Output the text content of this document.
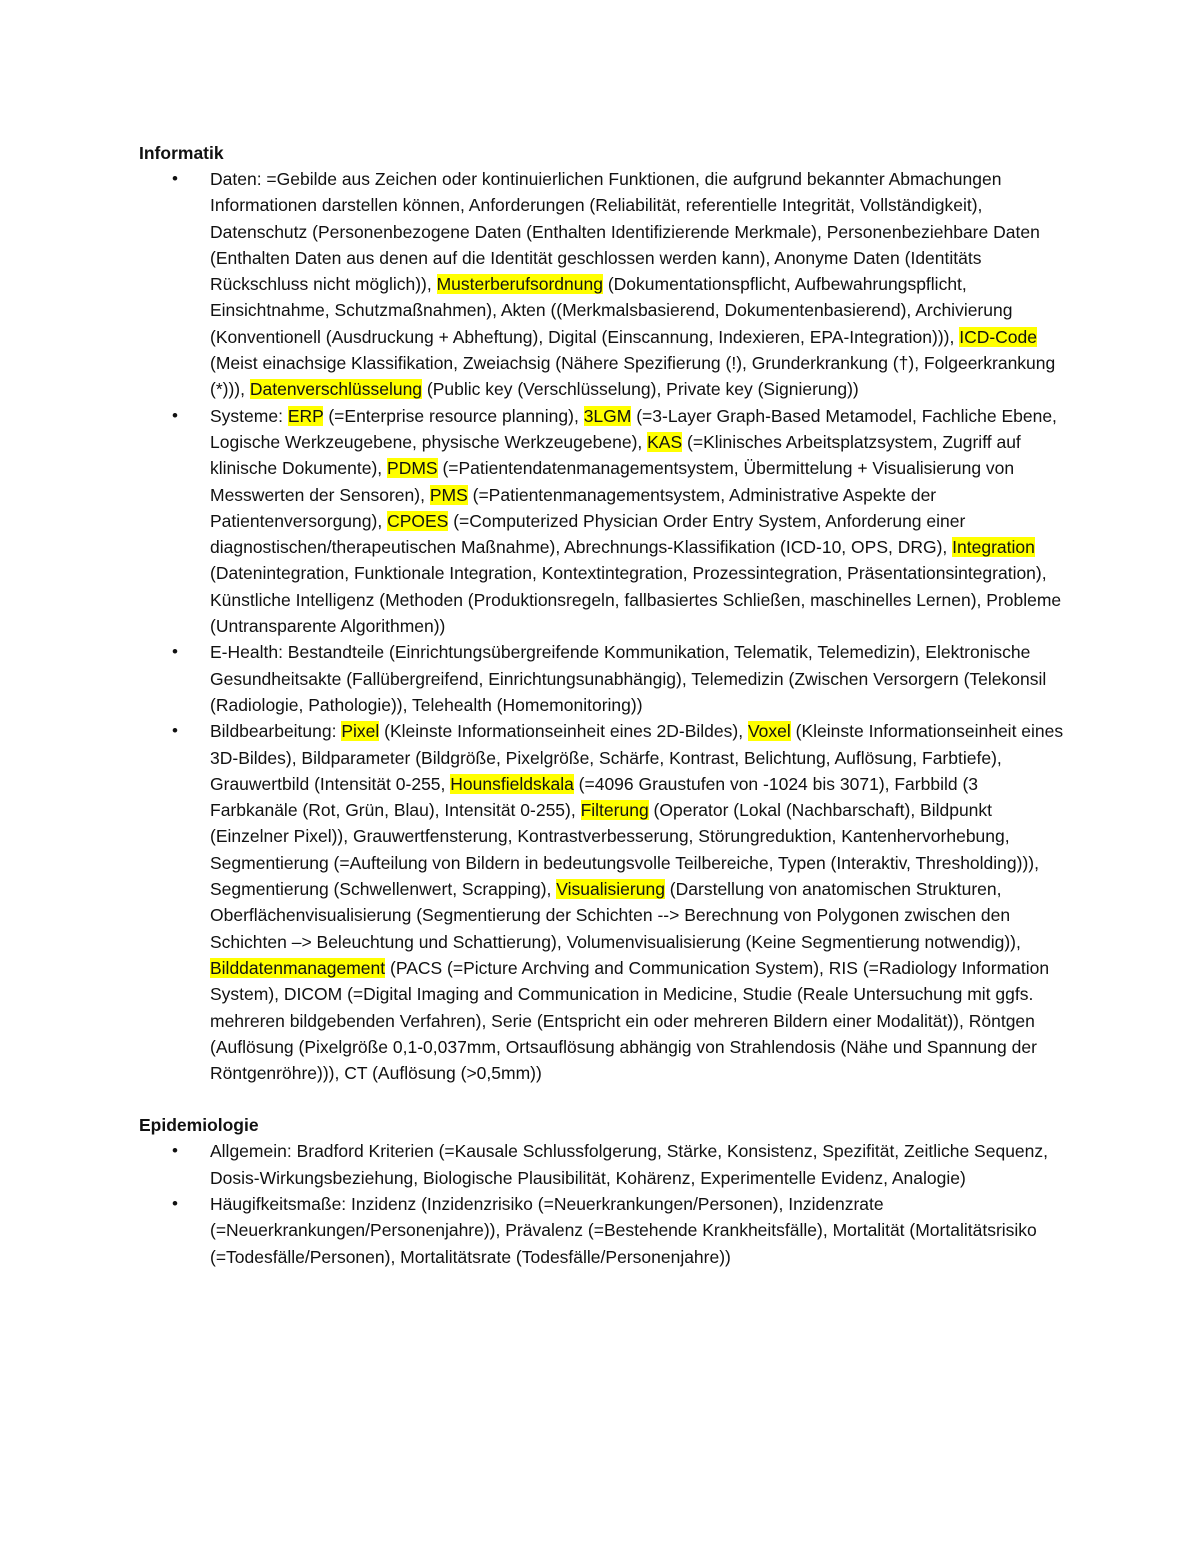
Informatik
• Daten: =Gebilde aus Zeichen oder kontinuierlichen Funktionen, die aufgrund bekannter Abmachungen Informationen darstellen können, Anforderungen (Reliabilität, referentielle Integrität, Vollständigkeit), Datenschutz (Personenbezogene Daten (Enthalten Identifizierende Merkmale), Personenbeziehbare Daten (Enthalten Daten aus denen auf die Identität geschlossen werden kann), Anonyme Daten (Identitäts Rückschluss nicht möglich)), Musterberufsordnung (Dokumentationspflicht, Aufbewahrungspflicht, Einsichtnahme, Schutzmaßnahmen), Akten ((Merkmalsbasierend, Dokumentenbasierend), Archivierung (Konventionell (Ausdruckung + Abheftung), Digital (Einscannung, Indexieren, EPA-Integration))), ICD-Code (Meist einachsige Klassifikation, Zweiachsig (Nähere Spezifierung (!), Grunderkrankung (†), Folgeerkrankung (*))), Datenverschlüsselung (Public key (Verschlüsselung), Private key (Signierung))
• Systeme: ERP (=Enterprise resource planning), 3LGM (=3-Layer Graph-Based Metamodel, Fachliche Ebene, Logische Werkzeugebene, physische Werkzeugebene), KAS (=Klinisches Arbeitsplatzsystem, Zugriff auf klinische Dokumente), PDMS (=Patientendatenmanagementsystem, Übermittelung + Visualisierung von Messwerten der Sensoren), PMS (=Patientenmanagementsystem, Administrative Aspekte der Patientenversorgung), CPOES (=Computerized Physician Order Entry System, Anforderung einer diagnostischen/therapeutischen Maßnahme), Abrechnungs-Klassifikation (ICD-10, OPS, DRG), Integration (Datenintegration, Funktionale Integration, Kontextintegration, Prozessintegration, Präsentationsintegration), Künstliche Intelligenz (Methoden (Produktionsregeln, fallbasiertes Schließen, maschinelles Lernen), Probleme (Untransparente Algorithmen))
• E-Health: Bestandteile (Einrichtungsübergreifende Kommunikation, Telematik, Telemedizin), Elektronische Gesundheitsakte (Fallübergreifend, Einrichtungsunabhängig), Telemedizin (Zwischen Versorgern (Telekonsil (Radiologie, Pathologie)), Telehealth (Homemonitoring))
• Bildbearbeitung: Pixel (Kleinste Informationseinheit eines 2D-Bildes), Voxel (Kleinste Informationseinheit eines 3D-Bildes), Bildparameter (Bildgröße, Pixelgröße, Schärfe, Kontrast, Belichtung, Auflösung, Farbtiefe), Grauwertbild (Intensität 0-255, Hounsfieldskala (=4096 Graustufen von -1024 bis 3071), Farbbild (3 Farbkanäle (Rot, Grün, Blau), Intensität 0-255), Filterung (Operator (Lokal (Nachbarschaft), Bildpunkt (Einzelner Pixel)), Grauwertfensterung, Kontrastverbesserung, Störungreduktion, Kantenhervorhebung, Segmentierung (=Aufteilung von Bildern in bedeutungsvolle Teilbereiche, Typen (Interaktiv, Thresholding))), Segmentierung (Schwellenwert, Scrapping), Visualisierung (Darstellung von anatomischen Strukturen, Oberflächenvisualisierung (Segmentierung der Schichten --> Berechnung von Polygonen zwischen den Schichten –> Beleuchtung und Schattierung), Volumenvisualisierung (Keine Segmentierung notwendig)), Bilddatenmanagement (PACS (=Picture Archving and Communication System), RIS (=Radiology Information System), DICOM (=Digital Imaging and Communication in Medicine, Studie (Reale Untersuchung mit ggfs. mehreren bildgebenden Verfahren), Serie (Entspricht ein oder mehreren Bildern einer Modalität)), Röntgen (Auflösung (Pixelgröße 0,1-0,037mm, Ortsauflösung abhängig von Strahlendosis (Nähe und Spannung der Röntgenröhre))), CT (Auflösung (>0,5mm))
Epidemiologie
• Allgemein: Bradford Kriterien (=Kausale Schlussfolgerung, Stärke, Konsistenz, Spezifität, Zeitliche Sequenz, Dosis-Wirkungsbeziehung, Biologische Plausibilität, Kohärenz, Experimentelle Evidenz, Analogie)
• Häugifkeitsmaße: Inzidenz (Inzidenzrisiko (=Neuerkrankungen/Personen), Inzidenzrate (=Neuerkrankungen/Personenjahre)), Prävalenz (=Bestehende Krankheitsfälle), Mortalität (Mortalitätsrisiko (=Todesfälle/Personen), Mortalitätsrate (Todesfälle/Personenjahre))
